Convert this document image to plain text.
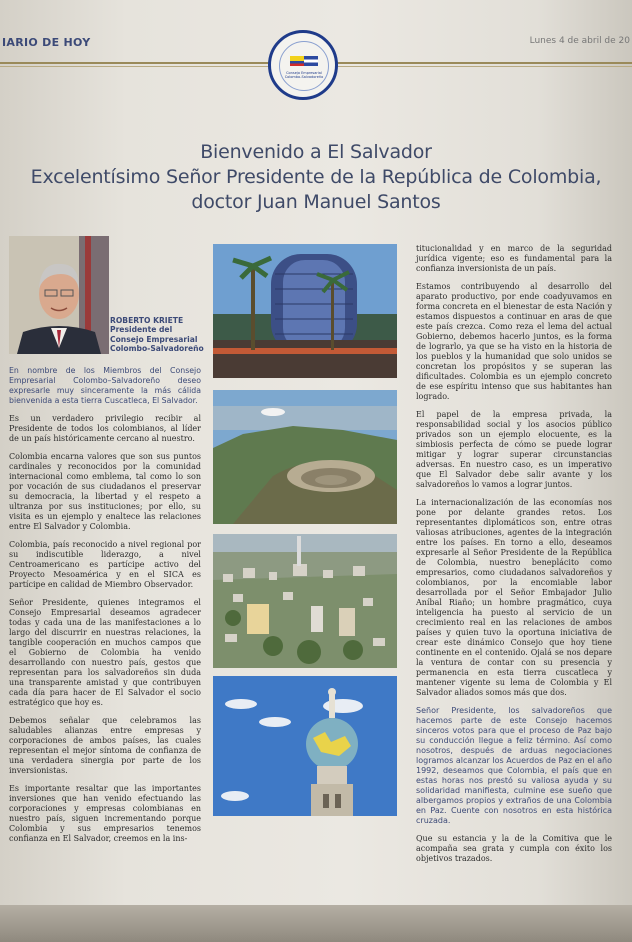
IARIO DE HOY	Lunes 4 de abril de 20
Consejo Empresarial Colombo-Salvadoreño
Bienvenido a El Salvador
Excelentísimo Señor Presidente de la República de Colombia,
doctor Juan Manuel Santos
ROBERTO KRIETE
Presidente del
Consejo Empresarial
Colombo-Salvadoreño

En nombre de los Miembros del Consejo Empresarial Colombo–Salvadoreño deseo expresarle muy sinceramente la más cálida bienvenida a esta tierra Cuscatleca, El Salvador.

Es un verdadero privilegio recibir al Presidente de todos los colombianos, al líder de un país históricamente cercano al nuestro.

Colombia encarna valores que son sus puntos cardinales y reconocidos por la comunidad internacional como emblema, tal como lo son por vocación de sus ciudadanos el preservar su democracia, la libertad y el respeto a ultranza por sus instituciones; por ello, su visita es un ejemplo y enaltece las relaciones entre El Salvador y Colombia.

Colombia, país reconocido a nivel regional por su indiscutible liderazgo, a nivel Centroamericano es partícipe activo del Proyecto Mesoamérica y en el SICA es partícipe en calidad de Miembro Observador.

Señor Presidente, quienes integramos el Consejo Empresarial deseamos agradecer todas y cada una de las manifestaciones a lo largo del discurrir en nuestras relaciones, la tangible cooperación en muchos campos que el Gobierno de Colombia ha venido desarrollando con nuestro país, gestos que representan para los salvadoreños sin duda una transparente amistad y que contribuyen cada día para hacer de El Salvador el socio estratégico que hoy es.

Debemos señalar que celebramos las saludables alianzas entre empresas y corporaciones de ambos países, las cuales representan el mejor síntoma de confianza de una verdadera sinergia por parte de los inversionistas.

Es importante resaltar que las importantes inversiones que han venido efectuando las corporaciones y empresas colombianas en nuestro país, siguen incrementando porque Colombia y sus empresarios tenemos confianza en El Salvador, creemos en la ins-

titucionalidad y en marco de la seguridad jurídica vigente; eso es fundamental para la confianza inversionista de un país.

Estamos contribuyendo al desarrollo del aparato productivo, por ende coadyuvamos en forma concreta en el bienestar de esta Nación y estamos dispuestos a continuar en aras de que este país crezca. Como reza el lema del actual Gobierno, debemos hacerlo juntos, es la forma de lograrlo, ya que se ha visto en la historia de los pueblos y la humanidad que solo unidos se concretan los propósitos y se superan las dificultades. Colombia es un ejemplo concreto de ese espíritu intenso que sus habitantes han logrado.

El papel de la empresa privada, la responsabilidad social y los asocios público privados son un ejemplo elocuente, es la simbiosis perfecta de cómo se puede lograr mitigar y lograr superar circunstancias adversas. En nuestro caso, es un imperativo que El Salvador debe salir avante y los salvadoreños lo vamos a lograr juntos.

La internacionalización de las economías nos pone por delante grandes retos. Los representantes diplomáticos son, entre otras valiosas atribuciones, agentes de la integración entre los países. En torno a ello, deseamos expresarle al Señor Presidente de la República de Colombia, nuestro beneplácito como empresarios, como ciudadanos salvadoreños y colombianos, por la encomiable labor desarrollada por el Señor Embajador Julio Aníbal Riaño; un hombre pragmático, cuya inteligencia ha puesto al servicio de un crecimiento real en las relaciones de ambos países y quien tuvo la oportuna iniciativa de crear este dinámico Consejo que hoy tiene continente en el contenido. Ojalá se nos depare la ventura de contar con su presencia y permanencia en esta tierra cuscatleca y mantener vigente su lema de Colombia y El Salvador aliados somos más que dos.

Señor Presidente, los salvadoreños que hacemos parte de este Consejo hacemos sinceros votos para que el proceso de Paz bajo su conducción llegue a feliz término. Así como nosotros, después de arduas negociaciones logramos alcanzar los Acuerdos de Paz en el año 1992, deseamos que Colombia, el país que en estas horas nos prestó su valiosa ayuda y su solidaridad manifiesta, culmine ese sueño que albergamos propios y extraños de una Colombia en Paz. Cuente con nosotros en esta histórica cruzada.

Que su estancia y la de la Comitiva que le acompaña sea grata y cumpla con éxito los objetivos trazados.
